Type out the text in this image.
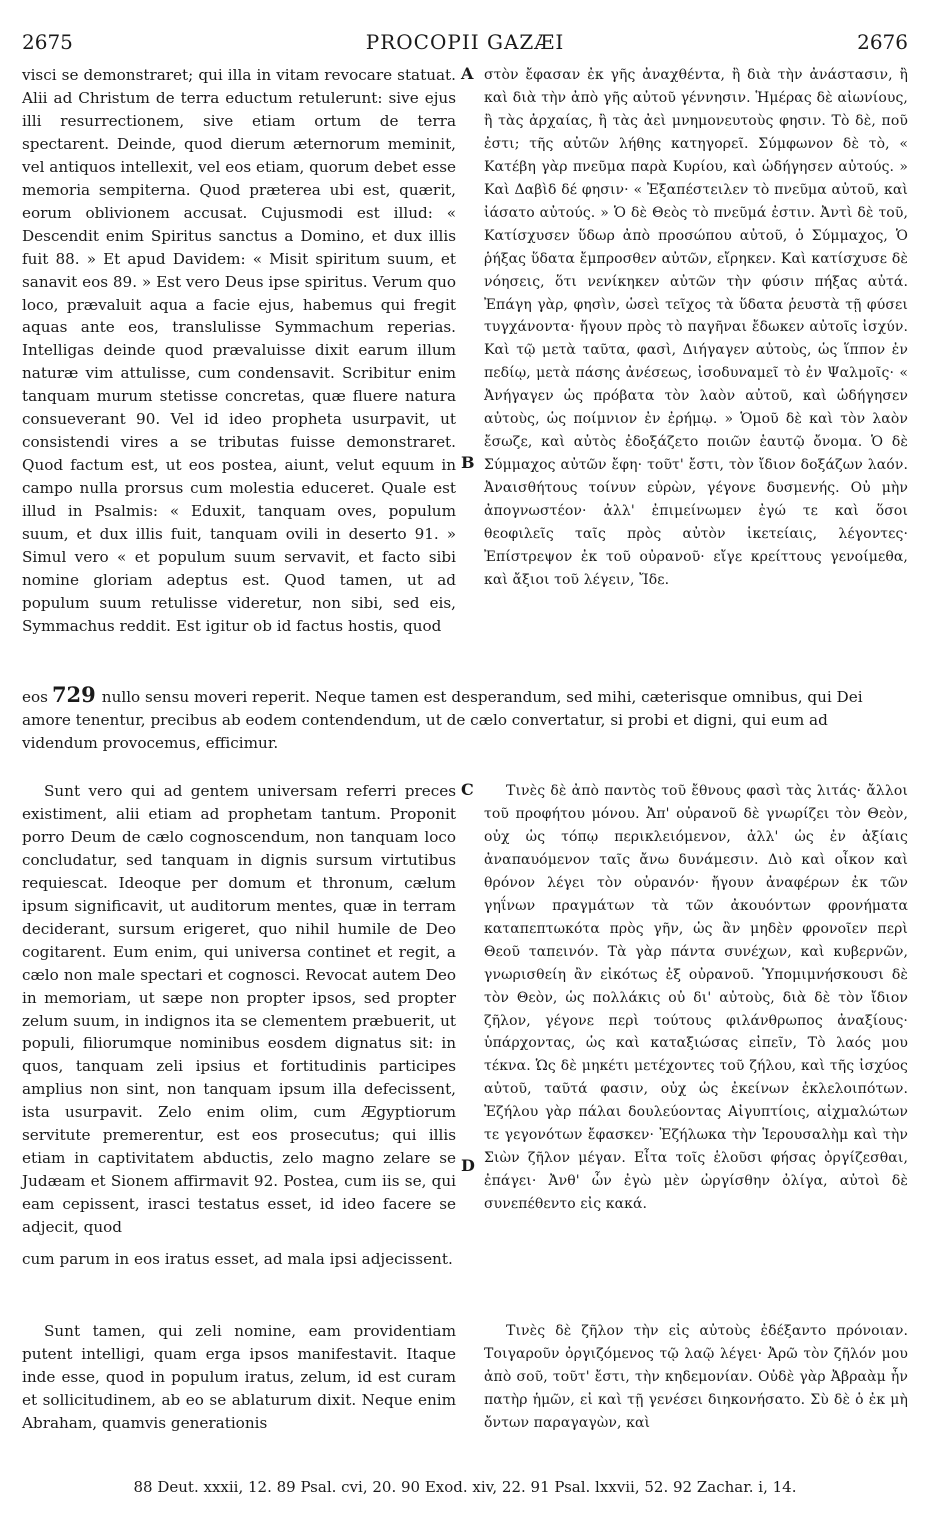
2675	PROCOPII GAZÆI	2676
A
B
C
D

visci se demonstraret; qui illa in vitam revocare statuat. Alii ad Christum de terra eductum retulerunt: sive ejus illi resurrectionem, sive etiam ortum de terra spectarent. Deinde, quod dierum æternorum meminit, vel antiquos intellexit, vel eos etiam, quorum debet esse memoria sempiterna. Quod præterea ubi est, quærit, eorum oblivionem accusat. Cujusmodi est illud: « Descendit enim Spiritus sanctus a Domino, et dux illis fuit 88. » Et apud Davidem: « Misit spiritum suum, et sanavit eos 89. » Est vero Deus ipse spiritus. Verum quo loco, prævaluit aqua a facie ejus, habemus qui fregit aquas ante eos, translulisse Symmachum reperias. Intelligas deinde quod prævaluisse dixit earum illum naturæ vim attulisse, cum condensavit. Scribitur enim tanquam murum stetisse concretas, quæ fluere natura consueverant 90. Vel id ideo propheta usurpavit, ut consistendi vires a se tributas fuisse demonstraret. Quod factum est, ut eos postea, aiunt, velut equum in campo nulla prorsus cum molestia educeret. Quale est illud in Psalmis: « Eduxit, tanquam oves, populum suum, et dux illis fuit, tanquam ovili in deserto 91. » Simul vero « et populum suum servavit, et facto sibi nomine gloriam adeptus est. Quod tamen, ut ad populum suum retulisse videretur, non sibi, sed eis, Symmachus reddit. Est igitur ob id factus hostis, quod

στὸν ἔφασαν ἐκ γῆς ἀναχθέντα, ἢ διὰ τὴν ἀνάστασιν, ἢ καὶ διὰ τὴν ἀπὸ γῆς αὐτοῦ γέννησιν. Ἡμέρας δὲ αἰωνίους, ἢ τὰς ἀρχαίας, ἢ τὰς ἀεὶ μνημονευτοὺς φησιν. Τὸ δὲ, ποῦ ἐστι; τῆς αὐτῶν λήθης κατηγορεῖ. Σύμφωνον δὲ τὸ, « Κατέβη γὰρ πνεῦμα παρὰ Κυρίου, καὶ ὡδήγησεν αὐτούς. » Καὶ Δαβὶδ δέ φησιν· « Ἐξαπέστειλεν τὸ πνεῦμα αὐτοῦ, καὶ ἰάσατο αὐτούς. » Ὁ δὲ Θεὸς τὸ πνεῦμά ἐστιν. Ἀντὶ δὲ τοῦ, Κατίσχυσεν ὕδωρ ἀπὸ προσώπου αὐτοῦ, ὁ Σύμμαχος, Ὁ ῥήξας ὕδατα ἔμπροσθεν αὐτῶν, εἴρηκεν. Καὶ κατίσχυσε δὲ νόησεις, ὅτι νενίκηκεν αὐτῶν τὴν φύσιν πήξας αὐτά. Ἐπάγη γὰρ, φησὶν, ὡσεὶ τεῖχος τὰ ὕδατα ῥευστὰ τῇ φύσει τυγχάνοντα· ἤγουν πρὸς τὸ παγῆναι ἔδωκεν αὐτοῖς ἰσχύν. Καὶ τῷ μετὰ ταῦτα, φασὶ, Διήγαγεν αὐτοὺς, ὡς ἵππον ἐν πεδίῳ, μετὰ πάσης ἀνέσεως, ἰσοδυναμεῖ τὸ ἐν Ψαλμοῖς· « Ἀνήγαγεν ὡς πρόβατα τὸν λαὸν αὐτοῦ, καὶ ὡδήγησεν αὐτοὺς, ὡς ποίμνιον ἐν ἐρήμῳ. » Ὁμοῦ δὲ καὶ τὸν λαὸν ἔσωζε, καὶ αὐτὸς ἐδοξάζετο ποιῶν ἑαυτῷ ὄνομα. Ὁ δὲ Σύμμαχος αὐτῶν ἔφη· τοῦτ' ἔστι, τὸν ἴδιον δοξάζων λαόν. Ἀναισθήτους τοίνυν εὑρὼν, γέγονε δυσμενής. Οὐ μὴν ἀπογνωστέον· ἀλλ' ἐπιμείνωμεν ἐγώ τε καὶ ὅσοι θεοφιλεῖς ταῖς πρὸς αὐτὸν ἱκετείαις, λέγοντες· Ἐπίστρεψον ἐκ τοῦ οὐρανοῦ· εἴγε κρείττους γενοίμεθα, καὶ ἄξιοι τοῦ λέγειν, Ἴδε.

eos 729 nullo sensu moveri reperit. Neque tamen est desperandum, sed mihi, cæterisque omnibus, qui Dei amore tenentur, precibus ab eodem contendendum, ut de cælo convertatur, si probi et digni, qui eum ad videndum provocemus, efficimur.

Sunt vero qui ad gentem universam referri preces existiment, alii etiam ad prophetam tantum. Proponit porro Deum de cælo cognoscendum, non tanquam loco concludatur, sed tanquam in dignis sursum virtutibus requiescat. Ideoque per domum et thronum, cælum ipsum significavit, ut auditorum mentes, quæ in terram deciderant, sursum erigeret, quo nihil humile de Deo cogitarent. Eum enim, qui universa continet et regit, a cælo non male spectari et cognosci. Revocat autem Deo in memoriam, ut sæpe non propter ipsos, sed propter zelum suum, in indignos ita se clementem præbuerit, ut populi, filiorumque nominibus eosdem dignatus sit: in quos, tanquam zeli ipsius et fortitudinis participes amplius non sint, non tanquam ipsum illa defecissent, ista usurpavit. Zelo enim olim, cum Ægyptiorum servitute premerentur, est eos prosecutus; qui illis etiam in captivitatem abductis, zelo magno zelare se Judæam et Sionem affirmavit 92. Postea, cum iis se, qui eam cepissent, irasci testatus esset, id ideo facere se adjecit, quod

Τινὲς δὲ ἀπὸ παντὸς τοῦ ἔθνους φασὶ τὰς λιτάς· ἄλλοι τοῦ προφήτου μόνου. Ἀπ' οὐρανοῦ δὲ γνωρίζει τὸν Θεὸν, οὐχ ὡς τόπῳ περικλειόμενον, ἀλλ' ὡς ἐν ἀξίαις ἀναπαυόμενον ταῖς ἄνω δυνάμεσιν. Διὸ καὶ οἶκον καὶ θρόνον λέγει τὸν οὐρανόν· ἤγουν ἀναφέρων ἐκ τῶν γηΐνων πραγμάτων τὰ τῶν ἀκουόντων φρονήματα καταπεπτωκότα πρὸς γῆν, ὡς ἂν μηδὲν φρονοῖεν περὶ Θεοῦ ταπεινόν. Τὰ γὰρ πάντα συνέχων, καὶ κυβερνῶν, γνωρισθείη ἂν εἰκότως ἐξ οὐρανοῦ. Ὑπομιμνήσκουσι δὲ τὸν Θεὸν, ὡς πολλάκις οὐ δι' αὐτοὺς, διὰ δὲ τὸν ἴδιον ζῆλον, γέγονε περὶ τούτους φιλάνθρωπος ἀναξίους· ὑπάρχοντας, ὡς καὶ καταξιώσας εἰπεῖν, Τὸ λαός μου τέκνα. Ὡς δὲ μηκέτι μετέχοντες τοῦ ζήλου, καὶ τῆς ἰσχύος αὐτοῦ, ταῦτά φασιν, οὐχ ὡς ἐκείνων ἐκλελοιπότων. Ἐζήλου γὰρ πάλαι δουλεύοντας Αἰγυπτίοις, αἰχμαλώτων τε γεγονότων ἔφασκεν· Ἐζήλωκα τὴν Ἱερουσαλὴμ καὶ τὴν Σιὼν ζῆλον μέγαν. Εἶτα τοῖς ἑλοῦσι φήσας ὀργίζεσθαι, ἐπάγει· Ἀνθ' ὧν ἐγὼ μὲν ὠργίσθην ὀλίγα, αὐτοὶ δὲ συνεπέθεντο εἰς κακά.

cum parum in eos iratus esset, ad mala ipsi adjecissent.

Sunt tamen, qui zeli nomine, eam providentiam putent intelligi, quam erga ipsos manifestavit. Itaque inde esse, quod in populum iratus, zelum, id est curam et sollicitudinem, ab eo se ablaturum dixit. Neque enim Abraham, quamvis generationis

Τινὲς δὲ ζῆλον τὴν εἰς αὐτοὺς ἐδέξαντο πρόνοιαν. Τοιγαροῦν ὀργιζόμενος τῷ λαῷ λέγει· Ἀρῶ τὸν ζῆλόν μου ἀπὸ σοῦ, τοῦτ' ἔστι, τὴν κηδεμονίαν. Οὐδὲ γὰρ Ἀβραὰμ ἦν πατὴρ ἡμῶν, εἰ καὶ τῇ γενέσει διηκονήσατο. Σὺ δὲ ὁ ἐκ μὴ ὄντων παραγαγὼν, καὶ

88 Deut. xxxii, 12. 89 Psal. cvi, 20. 90 Exod. xiv, 22. 91 Psal. lxxvii, 52. 92 Zachar. i, 14.
